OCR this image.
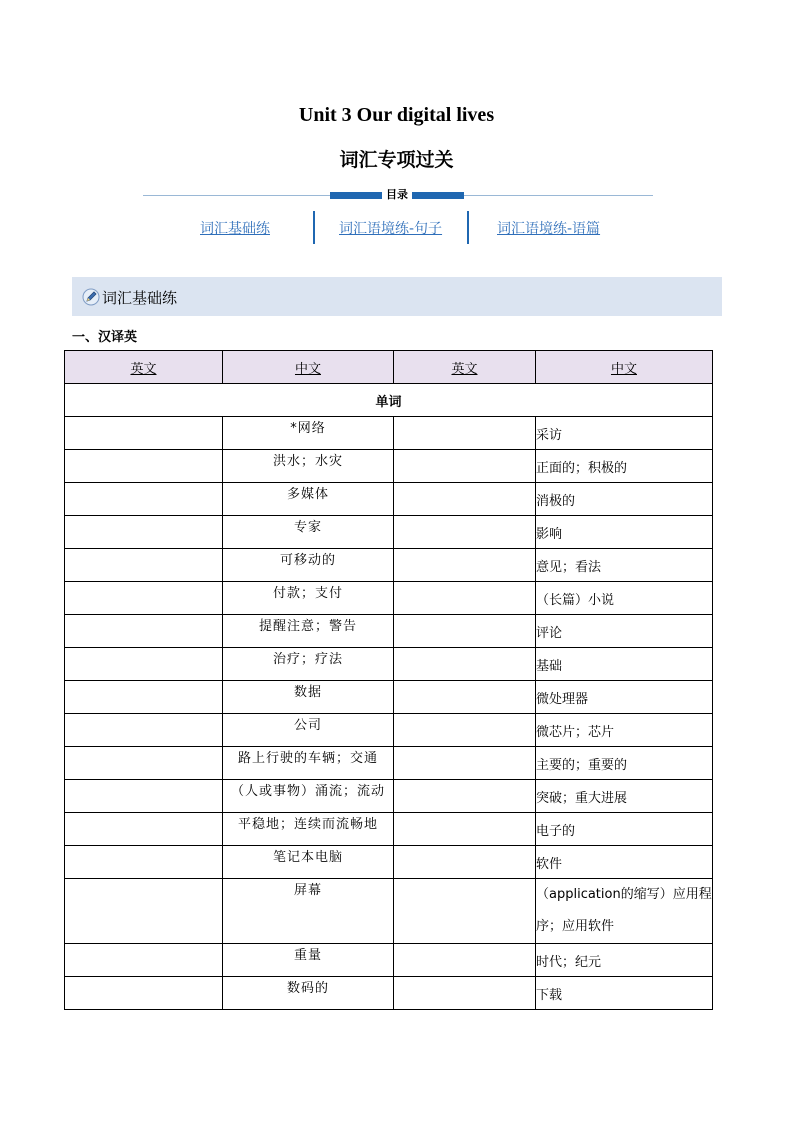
Unit 3 Our digital lives
词汇专项过关
目录
词汇基础练	词汇语境练-句子	词汇语境练-语篇
词汇基础练
一、汉译英
英文	中文	英文	中文
单词			
	*网络		采访
	洪水；水灾		正面的；积极的
	多媒体		消极的
	专家		影响
	可移动的		意见；看法
	付款；支付		（长篇）小说
	提醒注意；警告		评论
	治疗；疗法		基础
	数据		微处理器
	公司		微芯片；芯片
	路上行驶的车辆；交通		主要的；重要的
	（人或事物）涌流；流动		突破；重大进展
	平稳地；连续而流畅地		电子的
	笔记本电脑		软件
	屏幕		（application的缩写）应用程序；应用软件
	重量		时代；纪元
	数码的		下载
